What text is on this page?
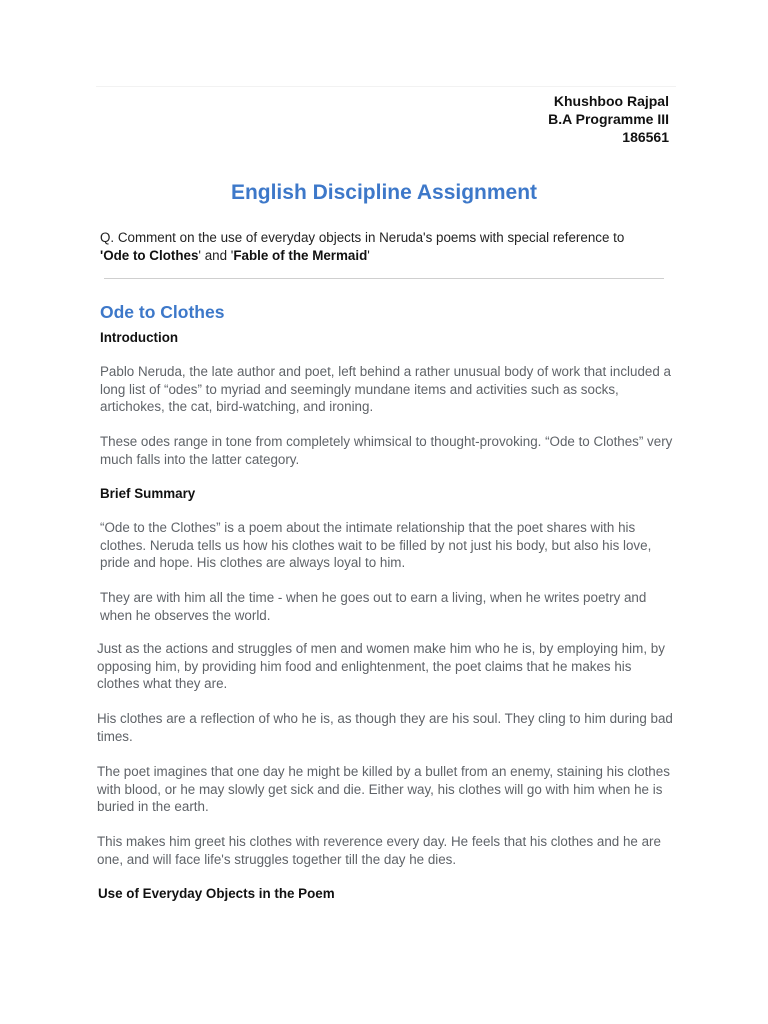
Khushboo Rajpal
B.A Programme III
186561
English Discipline Assignment
Q. Comment on the use of everyday objects in Neruda's poems with special reference to
'Ode to Clothes' and 'Fable of the Mermaid'
Ode to Clothes
Introduction
Pablo Neruda, the late author and poet, left behind a rather unusual body of work that included a long list of “odes” to myriad and seemingly mundane items and activities such as socks, artichokes, the cat, bird-watching, and ironing.
These odes range in tone from completely whimsical to thought-provoking. “Ode to Clothes” very much falls into the latter category.
Brief Summary
“Ode to the Clothes” is a poem about the intimate relationship that the poet shares with his clothes. Neruda tells us how his clothes wait to be filled by not just his body, but also his love, pride and hope. His clothes are always loyal to him.
They are with him all the time - when he goes out to earn a living, when he writes poetry and when he observes the world.
Just as the actions and struggles of men and women make him who he is, by employing him, by opposing him, by providing him food and enlightenment, the poet claims that he makes his clothes what they are.
His clothes are a reflection of who he is, as though they are his soul. They cling to him during bad times.
The poet imagines that one day he might be killed by a bullet from an enemy, staining his clothes with blood, or he may slowly get sick and die. Either way, his clothes will go with him when he is buried in the earth.
This makes him greet his clothes with reverence every day. He feels that his clothes and he are one, and will face life's struggles together till the day he dies.
Use of Everyday Objects in the Poem
